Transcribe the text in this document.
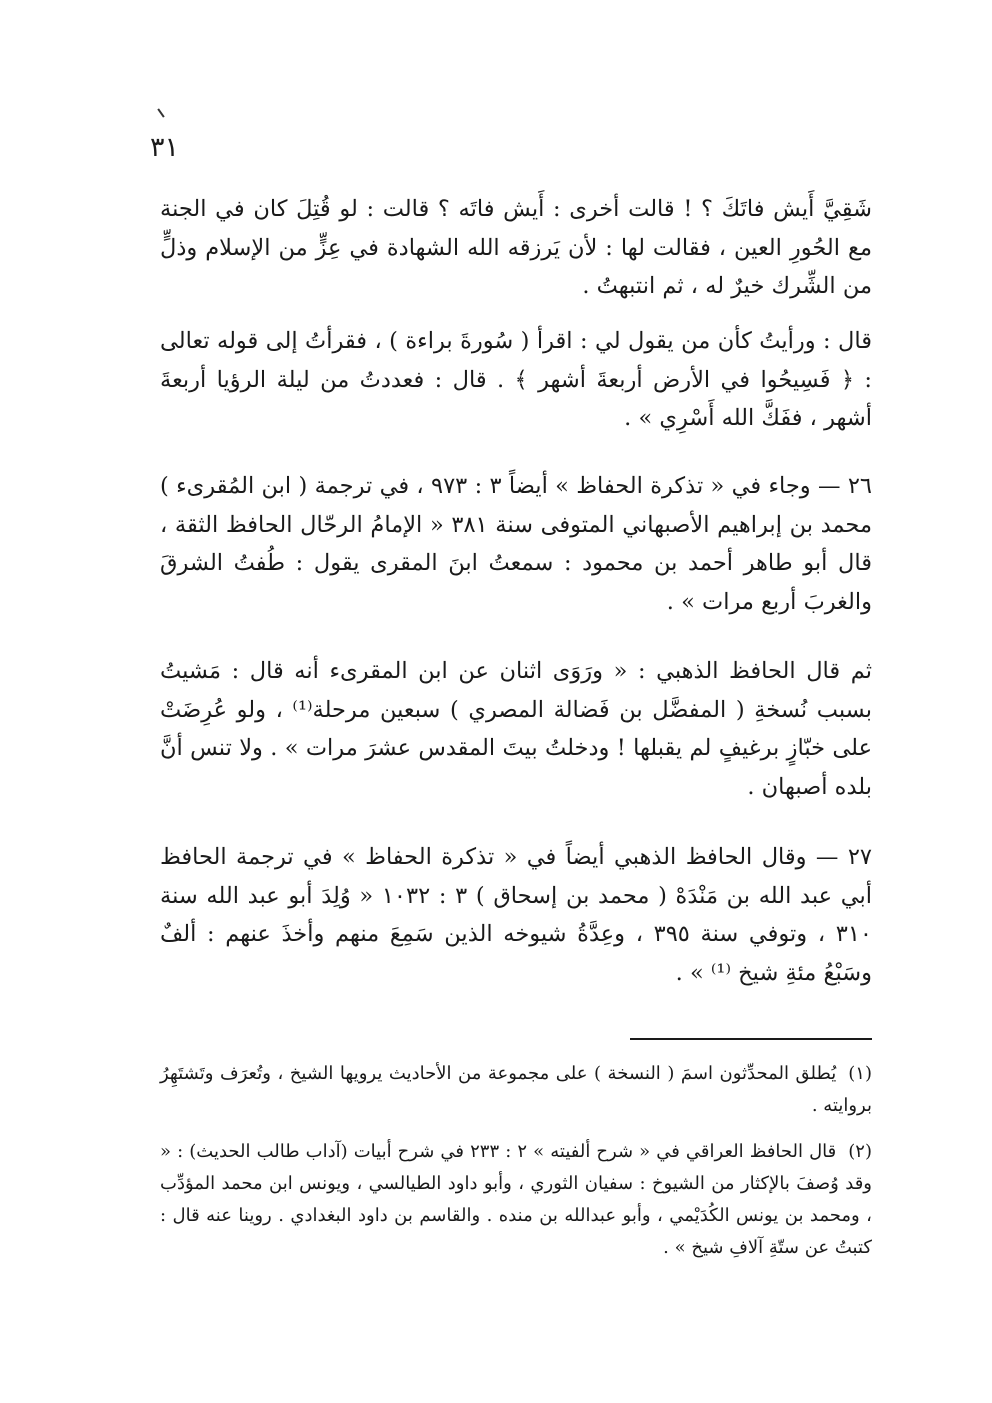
٣١

شَقِيَّ أَيش فاتَكَ ؟ ! قالت أخرى : أَيش فاتَه ؟ قالت : لو قُتِلَ كان في الجنة مع الحُورِ العين ، فقالت لها : لأن يَرزقه الله الشهادة في عِزٍّ من الإسلام وذلٍّ من الشِّرك خيرٌ له ، ثم انتبهتُ .

قال : ورأيتُ كأن من يقول لي : اقرأ ( سُورةَ براءة ) ، فقرأتُ إلى قوله تعالى : ﴿ فَسِيحُوا في الأرض أربعةَ أشهر ﴾ . قال : فعددتُ من ليلة الرؤيا أربعةَ أشهر ، ففَكَّ الله أَسْرِي » .

٢٦ — وجاء في « تذكرة الحفاظ » أيضاً ٣ : ٩٧٣ ، في ترجمة ( ابن المُقرىء ) محمد بن إبراهيم الأصبهاني المتوفى سنة ٣٨١ « الإمامُ الرحّال الحافظ الثقة ، قال أبو طاهر أحمد بن محمود : سمعتُ ابنَ المقرى يقول : طُفتُ الشرقَ والغربَ أربع مرات » .

ثم قال الحافظ الذهبي : « ورَوَى اثنان عن ابن المقرىء أنه قال : مَشيتُ بسبب نُسخةِ ( المفضَّل بن فَضالة المصري ) سبعين مرحلة⁽¹⁾ ، ولو عُرِضَتْ على خبّازٍ برغيفٍ لم يقبلها ! ودخلتُ بيتَ المقدس عشرَ مرات » . ولا تنس أنَّ بلده أصبهان .

٢٧ — وقال الحافظ الذهبي أيضاً في « تذكرة الحفاظ » في ترجمة الحافظ أبي عبد الله بن مَنْدَهْ ( محمد بن إسحاق ) ٣ : ١٠٣٢ « وُلِدَ أبو عبد الله سنة ٣١٠ ، وتوفي سنة ٣٩٥ ، وعِدَّةُ شيوخه الذين سَمِعَ منهم وأخذَ عنهم : ألفٌ وسَبْعُ مئةِ شيخ ⁽¹⁾ » .

(١)يُطلق المحدِّثون اسمَ ( النسخة ) على مجموعة من الأحاديث يرويها الشيخ ، وتُعرَف وتَشتَهِرُ بروايته .
(٢)قال الحافظ العراقي في « شرح ألفيته » ٢ : ٢٣٣ في شرح أبيات (آداب طالب الحديث) : « وقد وُصفَ بالإكثار من الشيوخ : سفيان الثوري ، وأبو داود الطيالسي ، ويونس ابن محمد المؤدِّب ، ومحمد بن يونس الكُدَيْمي ، وأبو عبدالله بن منده . والقاسم بن داود البغدادي . روينا عنه قال : كتبتُ عن ستّةِ آلافِ شيخ » .
